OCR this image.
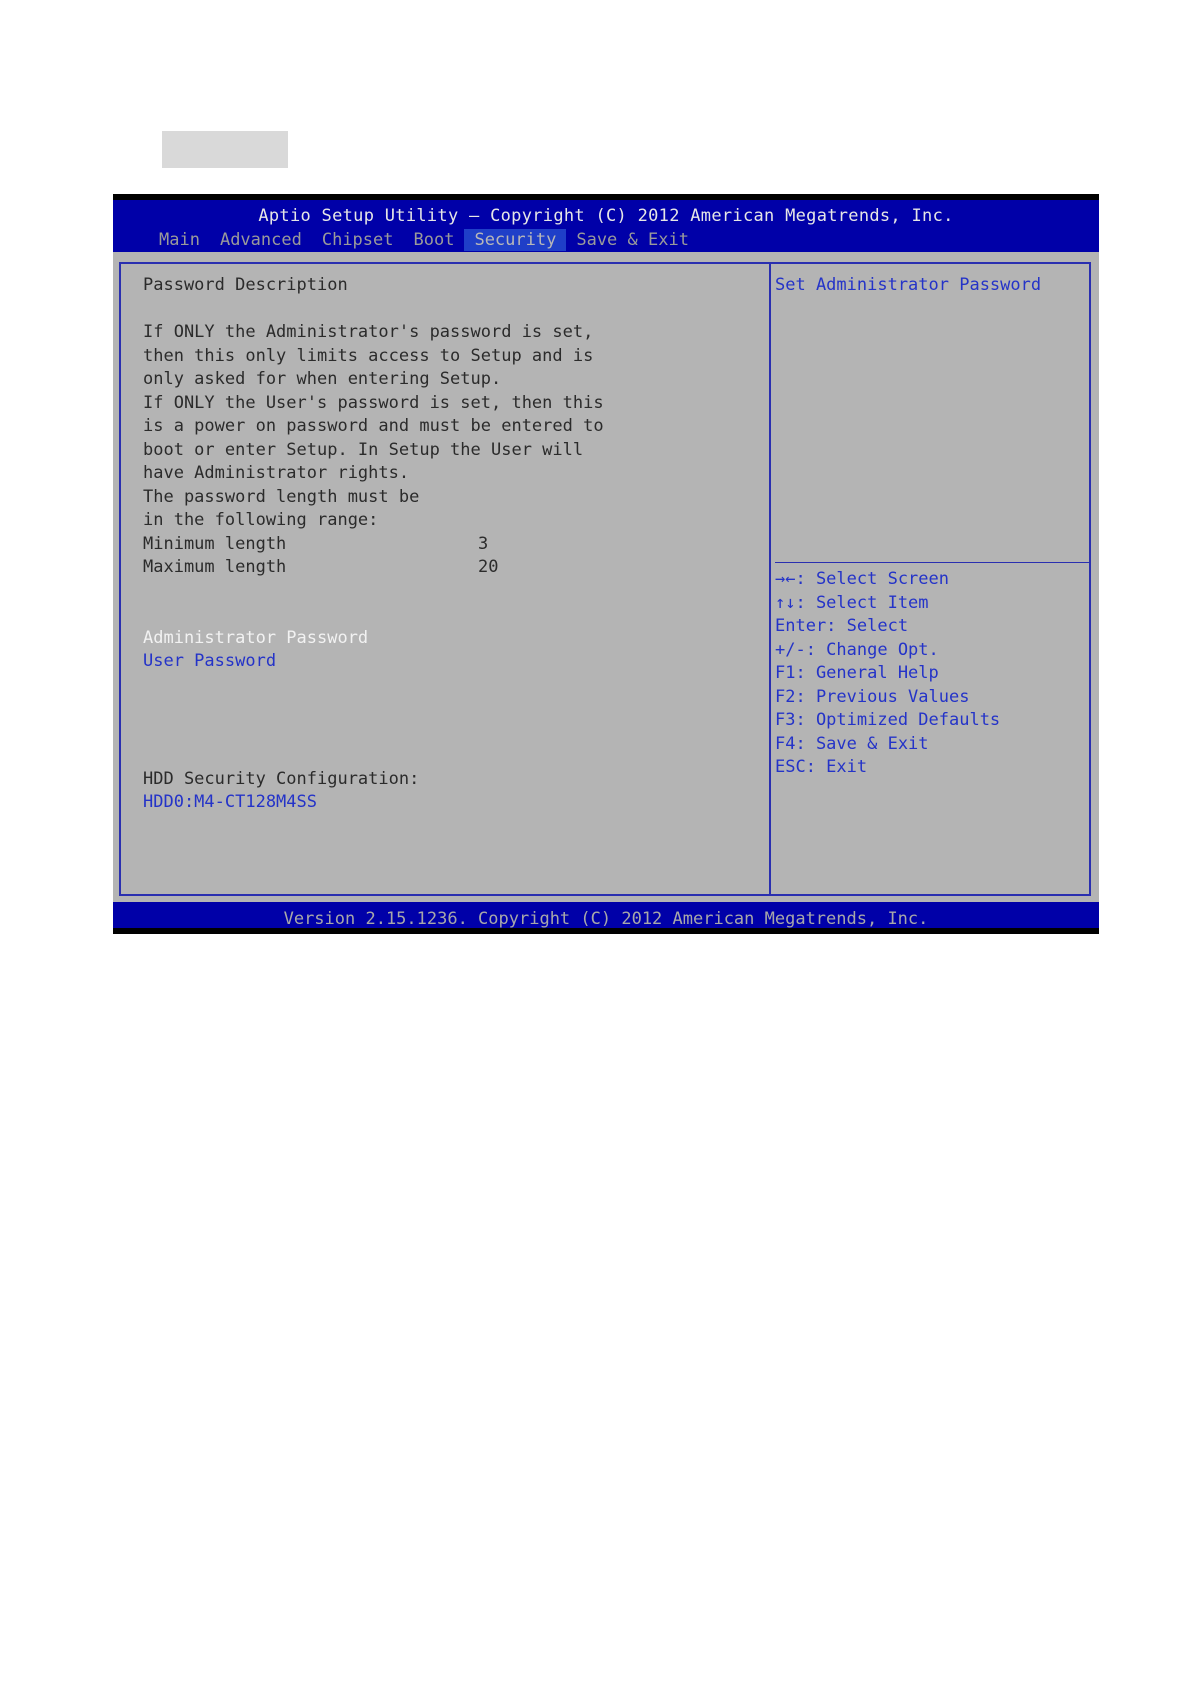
Aptio Setup Utility – Copyright (C) 2012 American Megatrends, Inc.
Main	Advanced	Chipset	Boot	Security	Save & Exit
Password Description
If ONLY the Administrator's password is set,
then this only limits access to Setup and is
only asked for when entering Setup.
If ONLY the User's password is set, then this
is a power on password and must be entered to
boot or enter Setup. In Setup the User will
have Administrator rights.
The password length must be
in the following range:
Minimum length	3
Maximum length	20
Administrator Password
User Password
HDD Security Configuration:
HDD0:M4-CT128M4SS
Set Administrator Password
→←: Select Screen
↑↓: Select Item
Enter: Select
+/-: Change Opt.
F1: General Help
F2: Previous Values
F3: Optimized Defaults
F4: Save & Exit
ESC: Exit
Version 2.15.1236. Copyright (C) 2012 American Megatrends, Inc.
